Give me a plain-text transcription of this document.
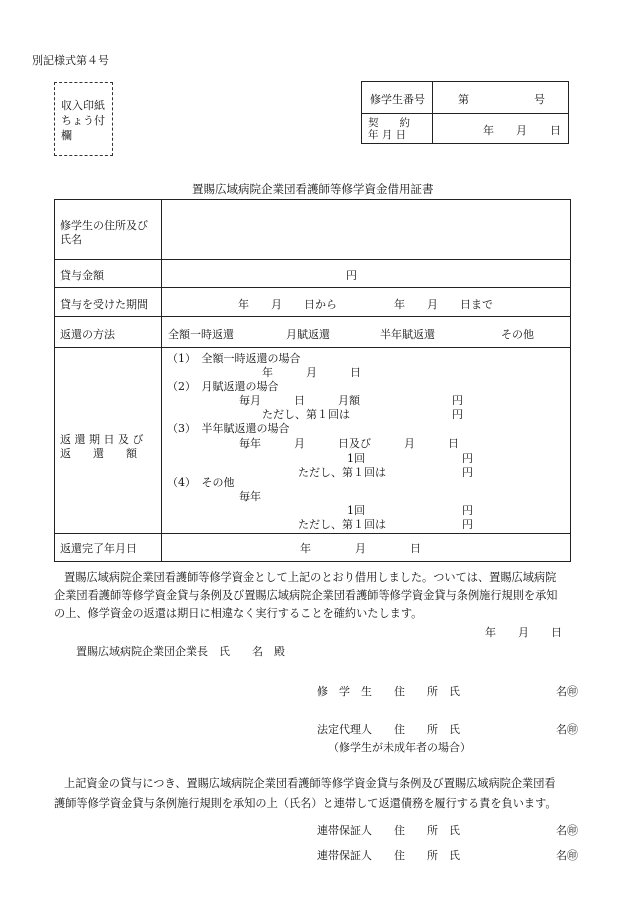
別記様式第４号
収入印紙
ちょう付
欄
修学生番号	第	号
契　　約
年 月 日	年 月 日
置賜広域病院企業団看護師等修学資金借用証書
修学生の住所及び
氏名
貸与金額	円
貸与を受けた期間	年　　月　　日から	年　　月　　日まで
返還の方法	全額一時返還	月賦返還	半年賦返還	その他
返 還 期 日 及 び
返　　還　　額
（1）　全額一時返還の場合
年　　　月　　　日
（2）　月賦返還の場合
毎月　　　日　　　月額	円
ただし、第１回は	円
（3）　半年賦返還の場合
毎年　　　月　　　日及び　　　月　　　日
1回	円
ただし、第１回は	円
（4）　その他
毎年
1回	円
ただし、第１回は	円
返還完了年月日	年　　　　月　　　　日
置賜広域病院企業団看護師等修学資金として上記のとおり借用しました。ついては、置賜広域病院
企業団看護師等修学資金貸与条例及び置賜広域病院企業団看護師等修学資金貸与条例施行規則を承知
の上、修学資金の返還は期日に相違なく実行することを確約いたします。
年　　月　　日
置賜広域病院企業団企業長　氏　　名　殿
修　学　生　　住　　所　氏	名㊞
法定代理人　　住　　所　氏	名㊞
（修学生が未成年者の場合）
上記資金の貸与につき、置賜広域病院企業団看護師等修学資金貸与条例及び置賜広域病院企業団看
護師等修学資金貸与条例施行規則を承知の上（氏名）と連帯して返還債務を履行する責を負います。
連帯保証人　　住　　所　氏	名㊞
連帯保証人　　住　　所　氏	名㊞
